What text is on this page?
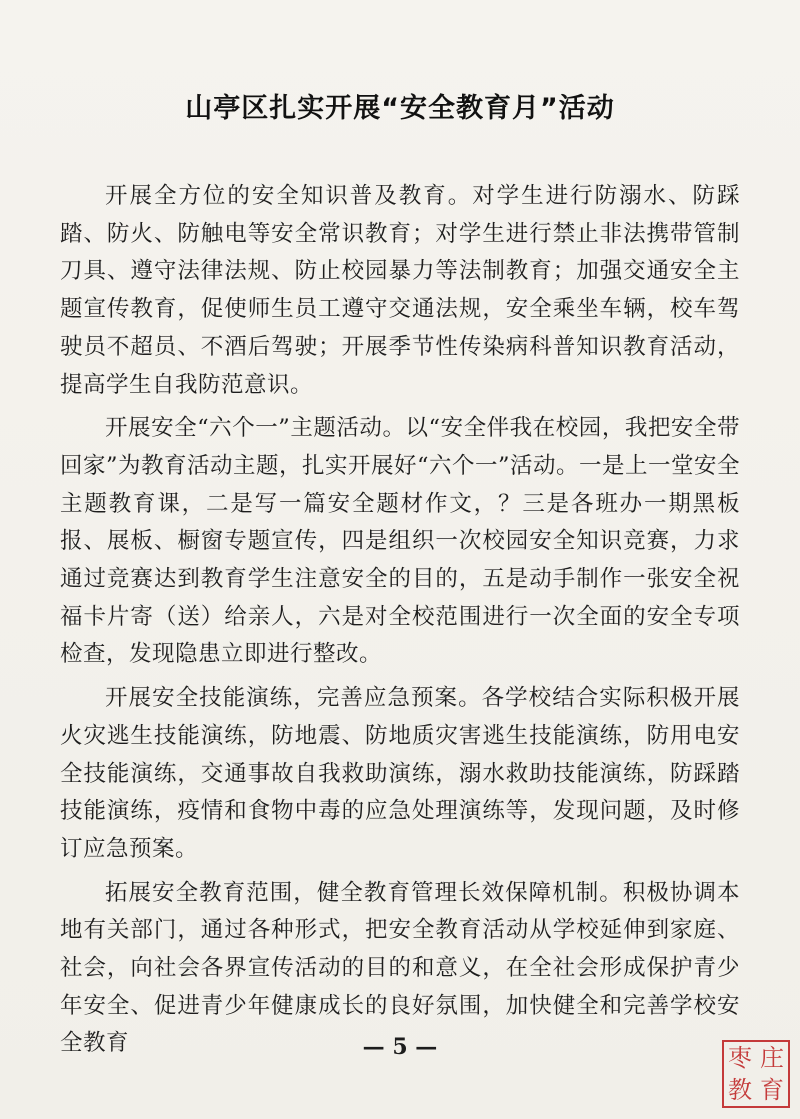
山亭区扎实开展“安全教育月”活动

开展全方位的安全知识普及教育。对学生进行防溺水、防踩踏、防火、防触电等安全常识教育；对学生进行禁止非法携带管制刀具、遵守法律法规、防止校园暴力等法制教育；加强交通安全主题宣传教育，促使师生员工遵守交通法规，安全乘坐车辆，校车驾驶员不超员、不酒后驾驶；开展季节性传染病科普知识教育活动，提高学生自我防范意识。

开展安全“六个一”主题活动。以“安全伴我在校园，我把安全带回家”为教育活动主题，扎实开展好“六个一”活动。一是上一堂安全主题教育课，二是写一篇安全题材作文，？三是各班办一期黑板报、展板、橱窗专题宣传，四是组织一次校园安全知识竞赛，力求通过竞赛达到教育学生注意安全的目的，五是动手制作一张安全祝福卡片寄（送）给亲人，六是对全校范围进行一次全面的安全专项检查，发现隐患立即进行整改。

开展安全技能演练，完善应急预案。各学校结合实际积极开展火灾逃生技能演练，防地震、防地质灾害逃生技能演练，防用电安全技能演练，交通事故自我救助演练，溺水救助技能演练，防踩踏技能演练，疫情和食物中毒的应急处理演练等，发现问题，及时修订应急预案。

拓展安全教育范围，健全教育管理长效保障机制。积极协调本地有关部门，通过各种形式，把安全教育活动从学校延伸到家庭、社会，向社会各界宣传活动的目的和意义，在全社会形成保护青少年安全、促进青少年健康成长的良好氛围，加快健全和完善学校安全教育	— 5 —	枣 庄
教 育
